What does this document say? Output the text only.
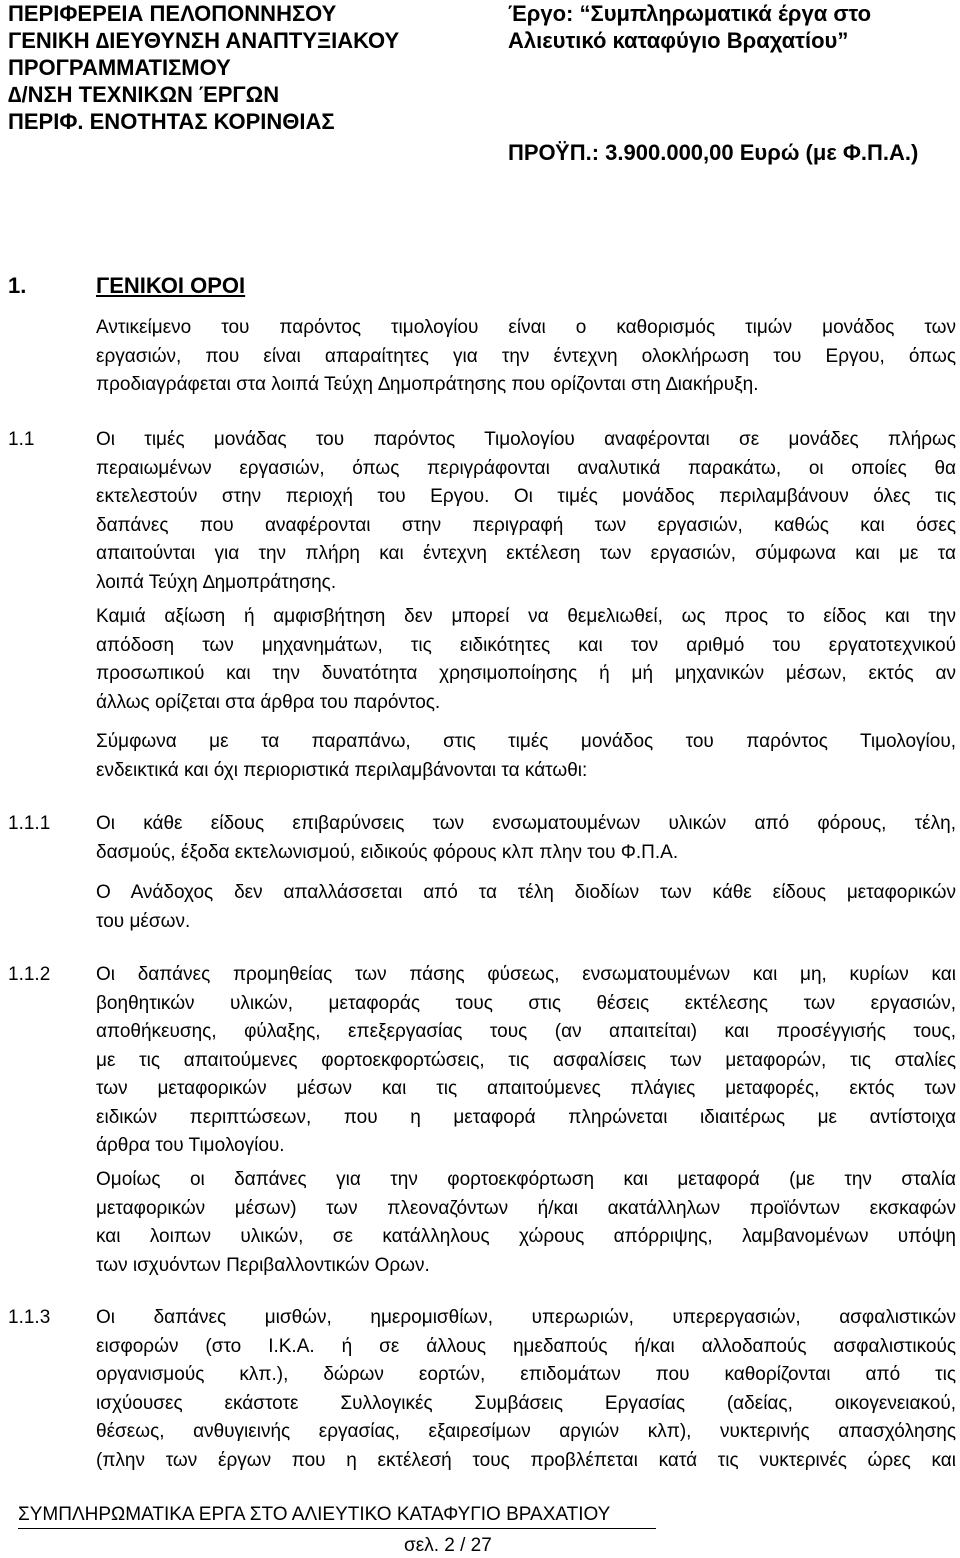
ΠΕΡΙΦΕΡΕΙΑ ΠΕΛΟΠΟΝΝΗΣΟΥ
ΓΕΝΙΚΗ ∆ΙΕΥΘΥΝΣΗ ΑΝΑΠΤΥΞΙΑΚΟΥ
ΠΡΟΓΡΑΜΜΑΤΙΣΜΟΥ
∆/ΝΣΗ ΤΕΧΝΙΚΩΝ ΈΡΓΩΝ
ΠΕΡΙΦ. ΕΝΟΤΗΤΑΣ ΚΟΡΙΝΘΙΑΣ
Έργο: “Συμπληρωματικά έργα στο
Αλιευτικό καταφύγιο Βραχατίου”
ΠΡΟΫΠ.: 3.900.000,00 Ευρώ (με Φ.Π.Α.)
1.	ΓΕΝΙΚΟΙ ΟΡΟΙ
Αντικείμενο του παρόντος τιμολογίου είναι ο καθορισμός τιμών μονάδος των
εργασιών, που είναι απαραίτητες για την έντεχνη ολοκλήρωση του Εργου, όπως
προδιαγράφεται στα λοιπά Τεύχη ∆ημοπράτησης που ορίζονται στη ∆ιακήρυξη.
1.1	Οι τιμές μονάδας του παρόντος Τιμολογίου αναφέρονται σε μονάδες πλήρως
περαιωμένων εργασιών, όπως περιγράφονται αναλυτικά παρακάτω, οι οποίες θα
εκτελεστούν στην περιοχή του Εργου. Οι τιμές μονάδος περιλαμβάνουν όλες τις
δαπάνες που αναφέρονται στην περιγραφή των εργασιών, καθώς και όσες
απαιτούνται για την πλήρη και έντεχνη εκτέλεση των εργασιών, σύμφωνα και με τα
λοιπά Τεύχη ∆ημοπράτησης.
Καμιά αξίωση ή αμφισβήτηση δεν μπορεί να θεμελιωθεί, ως προς το είδος και την
απόδοση των μηχανημάτων, τις ειδικότητες και τον αριθμό του εργατοτεχνικού
προσωπικού και την δυνατότητα χρησιμοποίησης ή μή μηχανικών μέσων, εκτός αν
άλλως ορίζεται στα άρθρα του παρόντος.
Σύμφωνα με τα παραπάνω, στις τιμές μονάδος του παρόντος Τιμολογίου,
ενδεικτικά και όχι περιοριστικά περιλαμβάνονται τα κάτωθι:
1.1.1 Οι κάθε είδους επιβαρύνσεις των ενσωματουμένων υλικών από φόρους, τέλη,
δασμούς, έξοδα εκτελωνισμού, ειδικούς φόρους κλπ πλην του Φ.Π.Α.
Ο Ανάδοχος δεν απαλλάσσεται από τα τέλη διοδίων των κάθε είδους μεταφορικών
του μέσων.
1.1.2 Οι δαπάνες προμηθείας των πάσης φύσεως, ενσωματουμένων και μη, κυρίων και
βοηθητικών υλικών, μεταφοράς τους στις θέσεις εκτέλεσης των εργασιών,
αποθήκευσης, φύλαξης, επεξεργασίας τους (αν απαιτείται) και προσέγγισής τους,
με τις απαιτούμενες φορτοεκφορτώσεις, τις ασφαλίσεις των μεταφορών, τις σταλίες
των μεταφορικών μέσων και τις απαιτούμενες πλάγιες μεταφορές, εκτός των
ειδικών περιπτώσεων, που η μεταφορά πληρώνεται ιδιαιτέρως με αντίστοιχα
άρθρα του Τιμολογίου.
Ομοίως οι δαπάνες για την φορτοεκφόρτωση και μεταφορά (με την σταλία
μεταφορικών μέσων) των πλεοναζόντων ή/και ακατάλληλων προϊόντων εκσκαφών
και λοιπων υλικών, σε κατάλληλους χώρους απόρριψης, λαμβανομένων υπόψη
των ισχυόντων Περιβαλλοντικών Ορων.
1.1.3 Οι δαπάνες μισθών, ημερομισθίων, υπερωριών, υπερεργασιών, ασφαλιστικών
εισφορών (στο Ι.Κ.Α. ή σε άλλους ημεδαπούς ή/και αλλοδαπούς ασφαλιστικούς
οργανισμούς κλπ.), δώρων εορτών, επιδομάτων που καθορίζονται από τις
ισχύουσες εκάστοτε Συλλογικές Συμβάσεις Εργασίας (αδείας, οικογενειακού,
θέσεως, ανθυγιεινής εργασίας, εξαιρεσίμων αργιών κλπ), νυκτερινής απασχόλησης
(πλην των έργων που η εκτέλεσή τους προβλέπεται κατά τις νυκτερινές ώρες και
ΣΥΜΠΛΗΡΩΜΑΤΙΚΑ ΕΡΓΑ ΣΤΟ ΑΛΙΕΥΤΙΚΟ ΚΑΤΑΦΥΓΙΟ ΒΡΑΧΑΤΙΟΥ
σελ. 2 / 27
